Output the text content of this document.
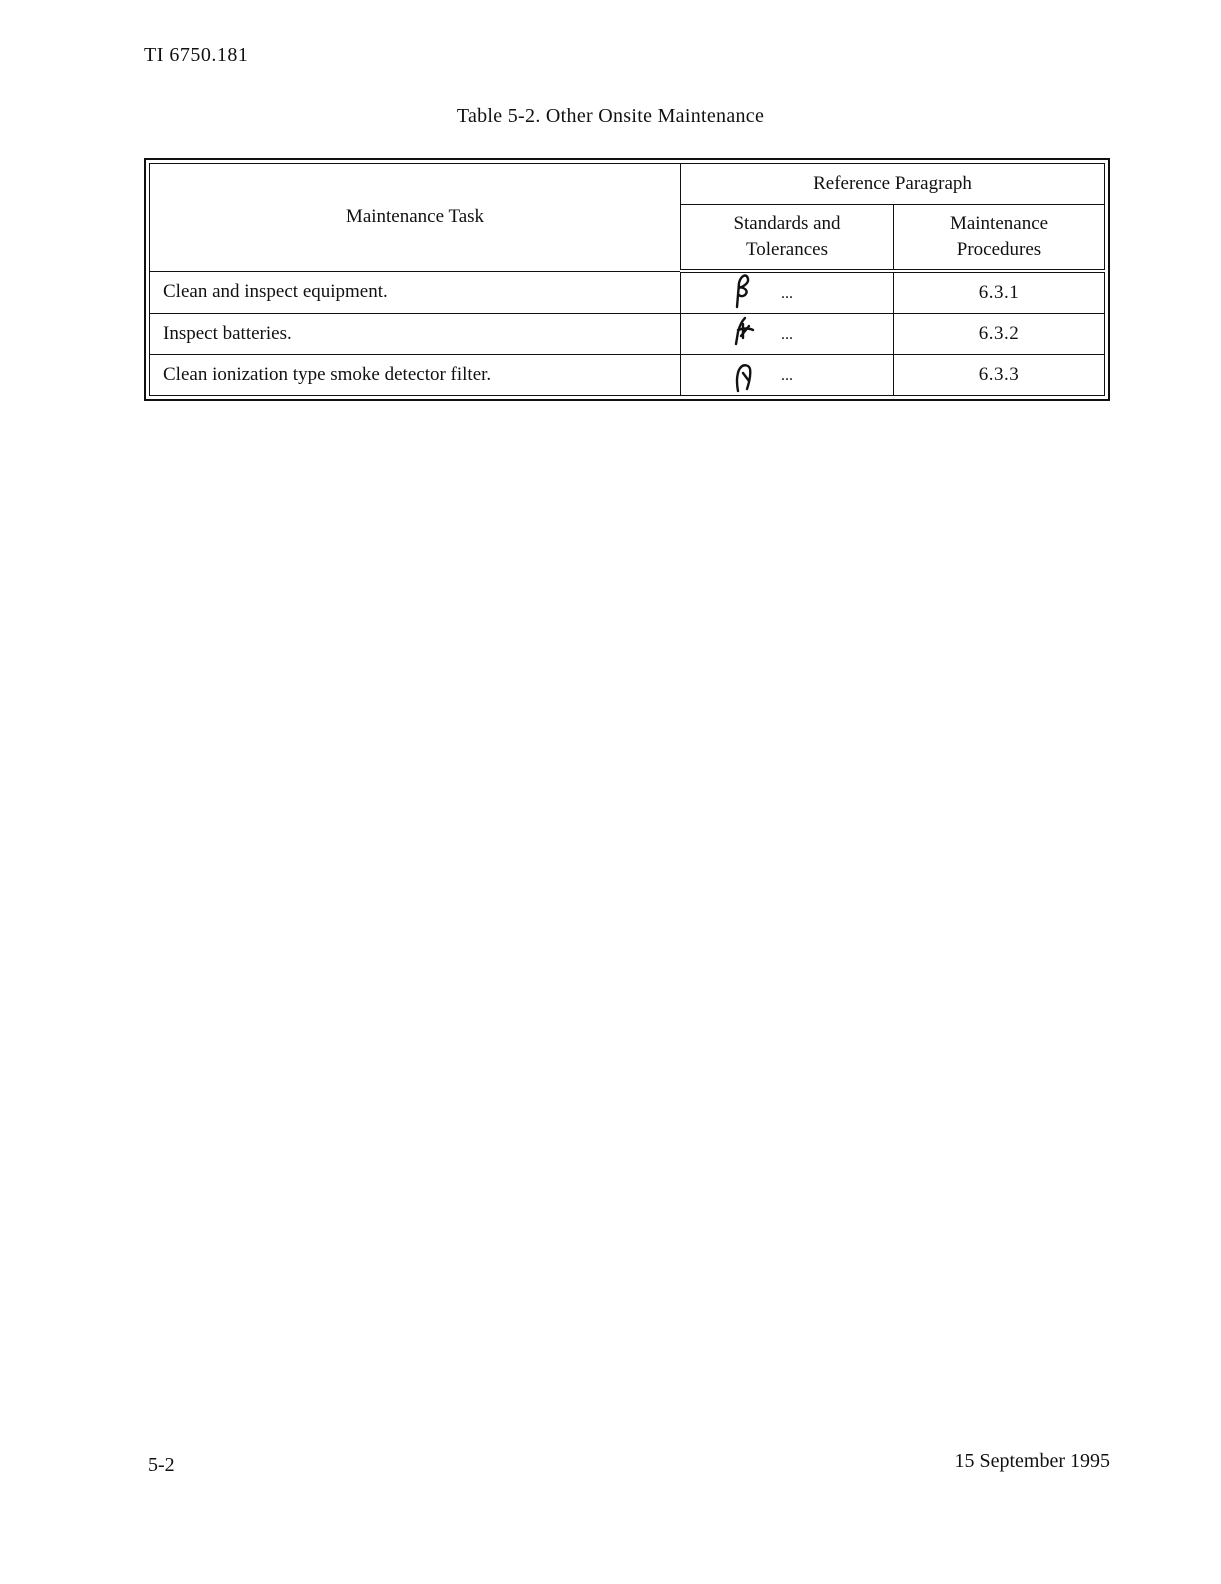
TI 6750.181
Table 5-2. Other Onsite Maintenance
Maintenance Task	Reference Paragraph	
	Standards and Tolerances	Maintenance Procedures
Clean and inspect equipment.	...	6.3.1
Inspect batteries.	...	6.3.2
Clean ionization type smoke detector filter.	...	6.3.3
5-2	15 September 1995
